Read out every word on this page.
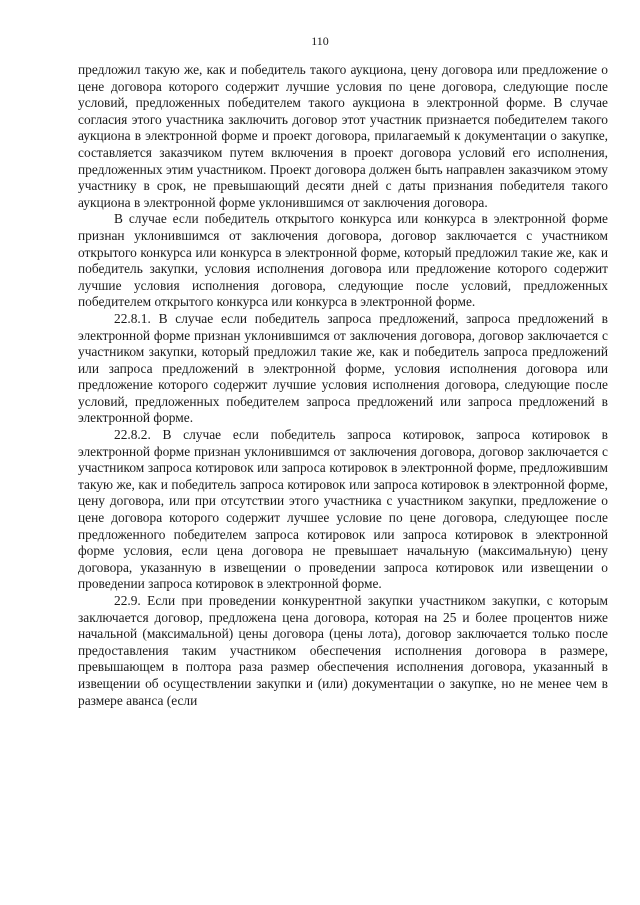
110

предложил такую же, как и победитель такого аукциона, цену договора или предложение о цене договора которого содержит лучшие условия по цене договора, следующие после условий, предложенных победителем такого аукциона в электронной форме. В случае согласия этого участника заключить договор этот участник признается победителем такого аукциона в электронной форме и проект договора, прилагаемый к документации о закупке, составляется заказчиком путем включения в проект договора условий его исполнения, предложенных этим участником. Проект договора должен быть направлен заказчиком этому участнику в срок, не превышающий десяти дней с даты признания победителя такого аукциона в электронной форме уклонившимся от заключения договора.

В случае если победитель открытого конкурса или конкурса в электронной форме признан уклонившимся от заключения договора, договор заключается с участником открытого конкурса или конкурса в электронной форме, который предложил такие же, как и победитель закупки, условия исполнения договора или предложение которого содержит лучшие условия исполнения договора, следующие после условий, предложенных победителем открытого конкурса или конкурса в электронной форме.

22.8.1. В случае если победитель запроса предложений, запроса предложений в электронной форме признан уклонившимся от заключения договора, договор заключается с участником закупки, который предложил такие же, как и победитель запроса предложений или запроса предложений в электронной форме, условия исполнения договора или предложение которого содержит лучшие условия исполнения договора, следующие после условий, предложенных победителем запроса предложений или запроса предложений в электронной форме.

22.8.2. В случае если победитель запроса котировок, запроса котировок в электронной форме признан уклонившимся от заключения договора, договор заключается с участником запроса котировок или запроса котировок в электронной форме, предложившим такую же, как и победитель запроса котировок или запроса котировок в электронной форме, цену договора, или при отсутствии этого участника с участником закупки, предложение о цене договора которого содержит лучшее условие по цене договора, следующее после предложенного победителем запроса котировок или запроса котировок в электронной форме условия, если цена договора не превышает начальную (максимальную) цену договора, указанную в извещении о проведении запроса котировок или извещении о проведении запроса котировок в электронной форме.

22.9. Если при проведении конкурентной закупки участником закупки, с которым заключается договор, предложена цена договора, которая на 25 и более процентов ниже начальной (максимальной) цены договора (цены лота), договор заключается только после предоставления таким участником обеспечения исполнения договора в размере, превышающем в полтора раза размер обеспечения исполнения договора, указанный в извещении об осуществлении закупки и (или) документации о закупке, но не менее чем в размере аванса (если
